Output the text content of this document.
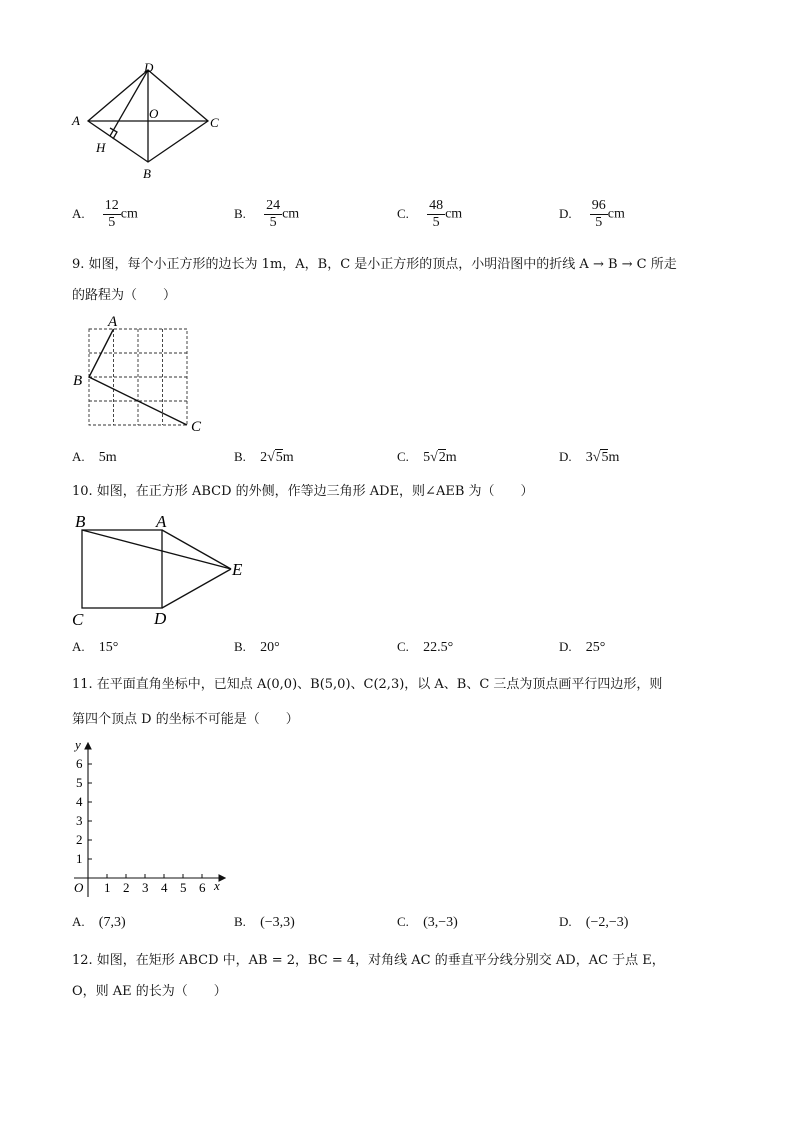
D
A	O
C
H
B
A. $\frac{12}{5}$ cm	B. $\frac{24}{5}$ cm	C. $\frac{48}{5}$ cm	D. $\frac{96}{5}$ cm
9. 如图，每个小正方形的边长为 1m，A，B，C 是小正方形的顶点，小明沿图中的折线 A → B → C 所走
的路程为（　　）
A
B
C
A. 5m	B. 2√5m	C. 5√2m	D. 3√5m
10. 如图，在正方形 ABCD 的外侧，作等边三角形 ADE，则∠AEB 为（　　）
B	A
E
C	D
A. 15°	B. 20°	C. 22.5°	D. 25°
11. 在平面直角坐标中，已知点 A(0,0)、B(5,0)、C(2,3)，以 A、B、C 三点为顶点画平行四边形，则
第四个顶点 D 的坐标不可能是（　　）
1
2
3
4
5
6
1 2 3 4 5 6
y
x
O
A. (7,3)	B. (−3,3)	C. (3,−3)	D. (−2,−3)
12. 如图，在矩形 ABCD 中，AB = 2，BC = 4，对角线 AC 的垂直平分线分别交 AD，AC 于点 E，
O，则 AE 的长为（　　）
